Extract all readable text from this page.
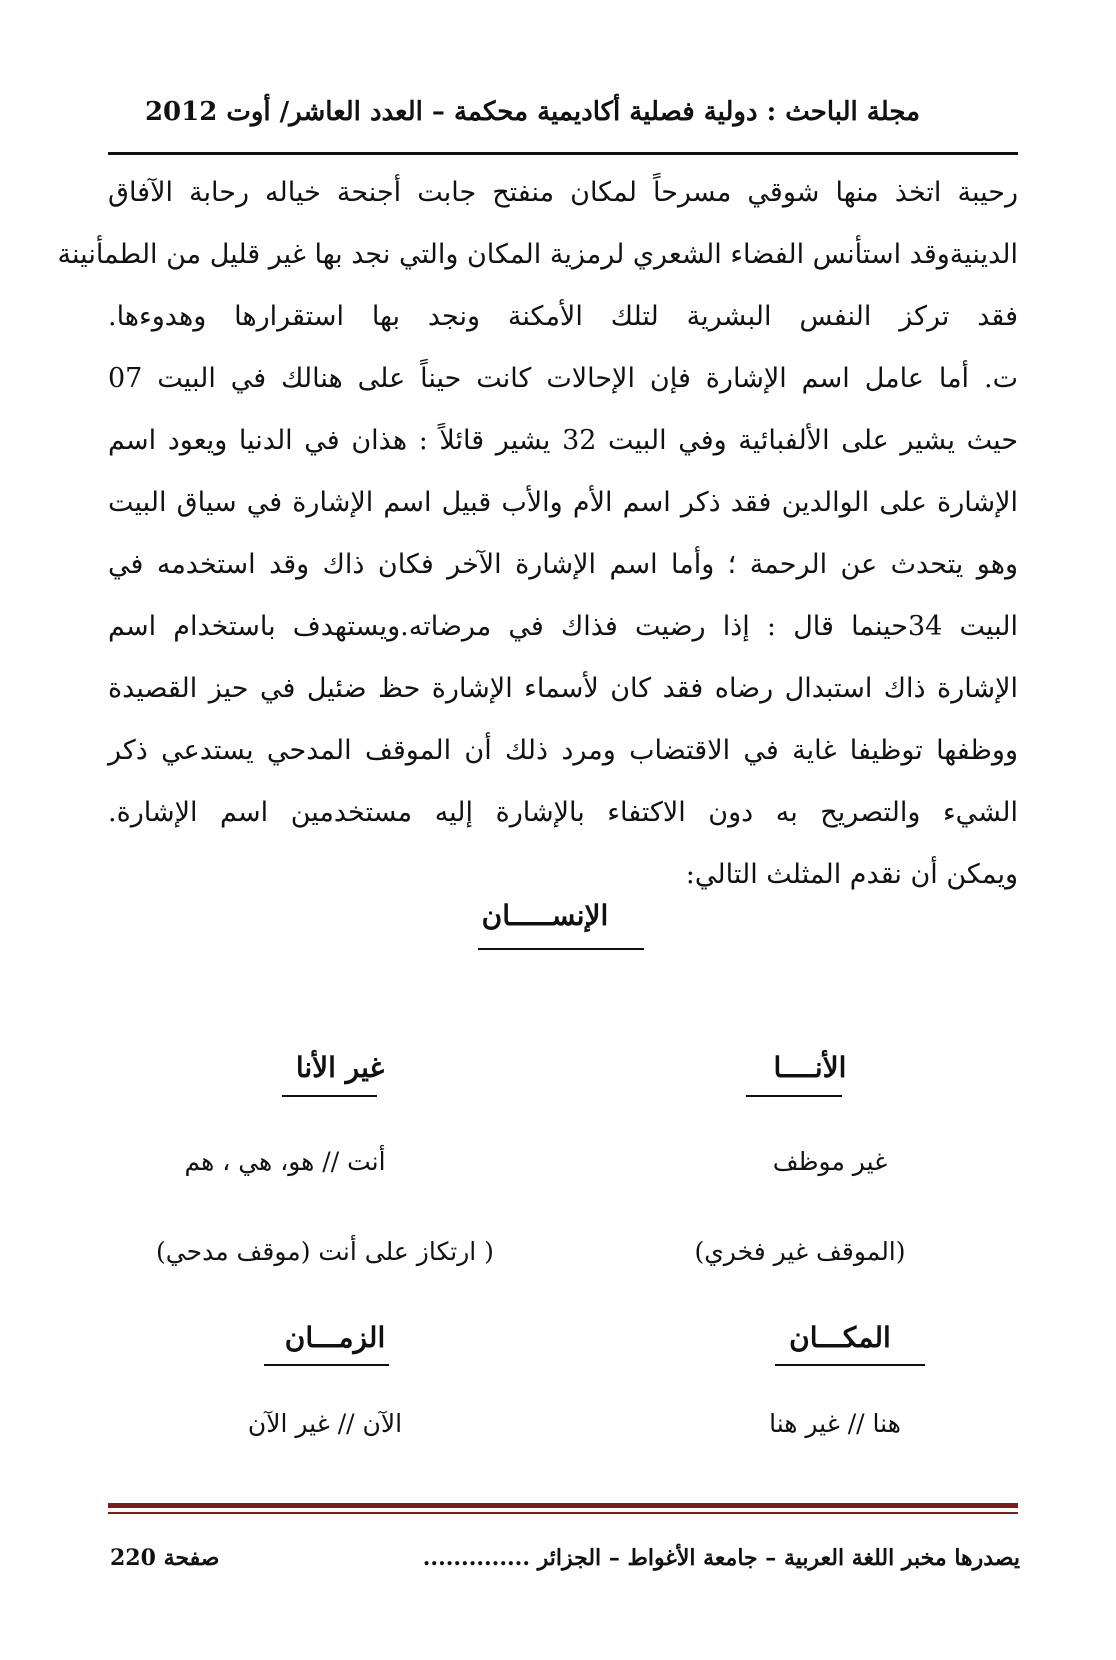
مجلة الباحث : دولية فصلية أكاديمية محكمة – العدد العاشر/ أوت 2012
رحيبة اتخذ منها شوقي مسرحاً لمكان منفتح جابت أجنحة خياله رحابة الآفاق
الدينيةوقد استأنس الفضاء الشعري لرمزية المكان والتي نجد بها غير قليل من الطمأنينة
فقد تركز النفس البشرية لتلك الأمكنة ونجد بها استقرارها وهدوءها.
ت. أما عامل اسم الإشارة فإن الإحالات كانت حيناً على هنالك في البيت 07
حيث يشير على الألفبائية وفي البيت 32 يشير قائلاً : هذان في الدنيا ويعود اسم
الإشارة على الوالدين فقد ذكر اسم الأم والأب قبيل اسم الإشارة في سياق البيت
وهو يتحدث عن الرحمة ؛ وأما اسم الإشارة الآخر فكان ذاك وقد استخدمه في
البيت 34حينما قال : إذا رضيت فذاك في مرضاته.ويستهدف باستخدام اسم
الإشارة ذاك استبدال رضاه فقد كان لأسماء الإشارة حظ ضئيل في حيز القصيدة
ووظفها توظيفا غاية في الاقتضاب ومرد ذلك أن الموقف المدحي يستدعي ذكر
الشيء والتصريح به دون الاكتفاء بالإشارة إليه مستخدمين اسم الإشارة.
ويمكن أن نقدم المثلث التالي:
الإنســـــان
الأنــــا
غير موظف
(الموقف غير فخري)
غير الأنا
أنت // هو، هي ، هم
( ارتكاز على أنت (موقف مدحي)
المكـــان
هنا // غير هنا
الزمـــان
الآن // غير الآن
يصدرها مخبر اللغة العربية – جامعة الأغواط – الجزائر ..............
صفحة 220
